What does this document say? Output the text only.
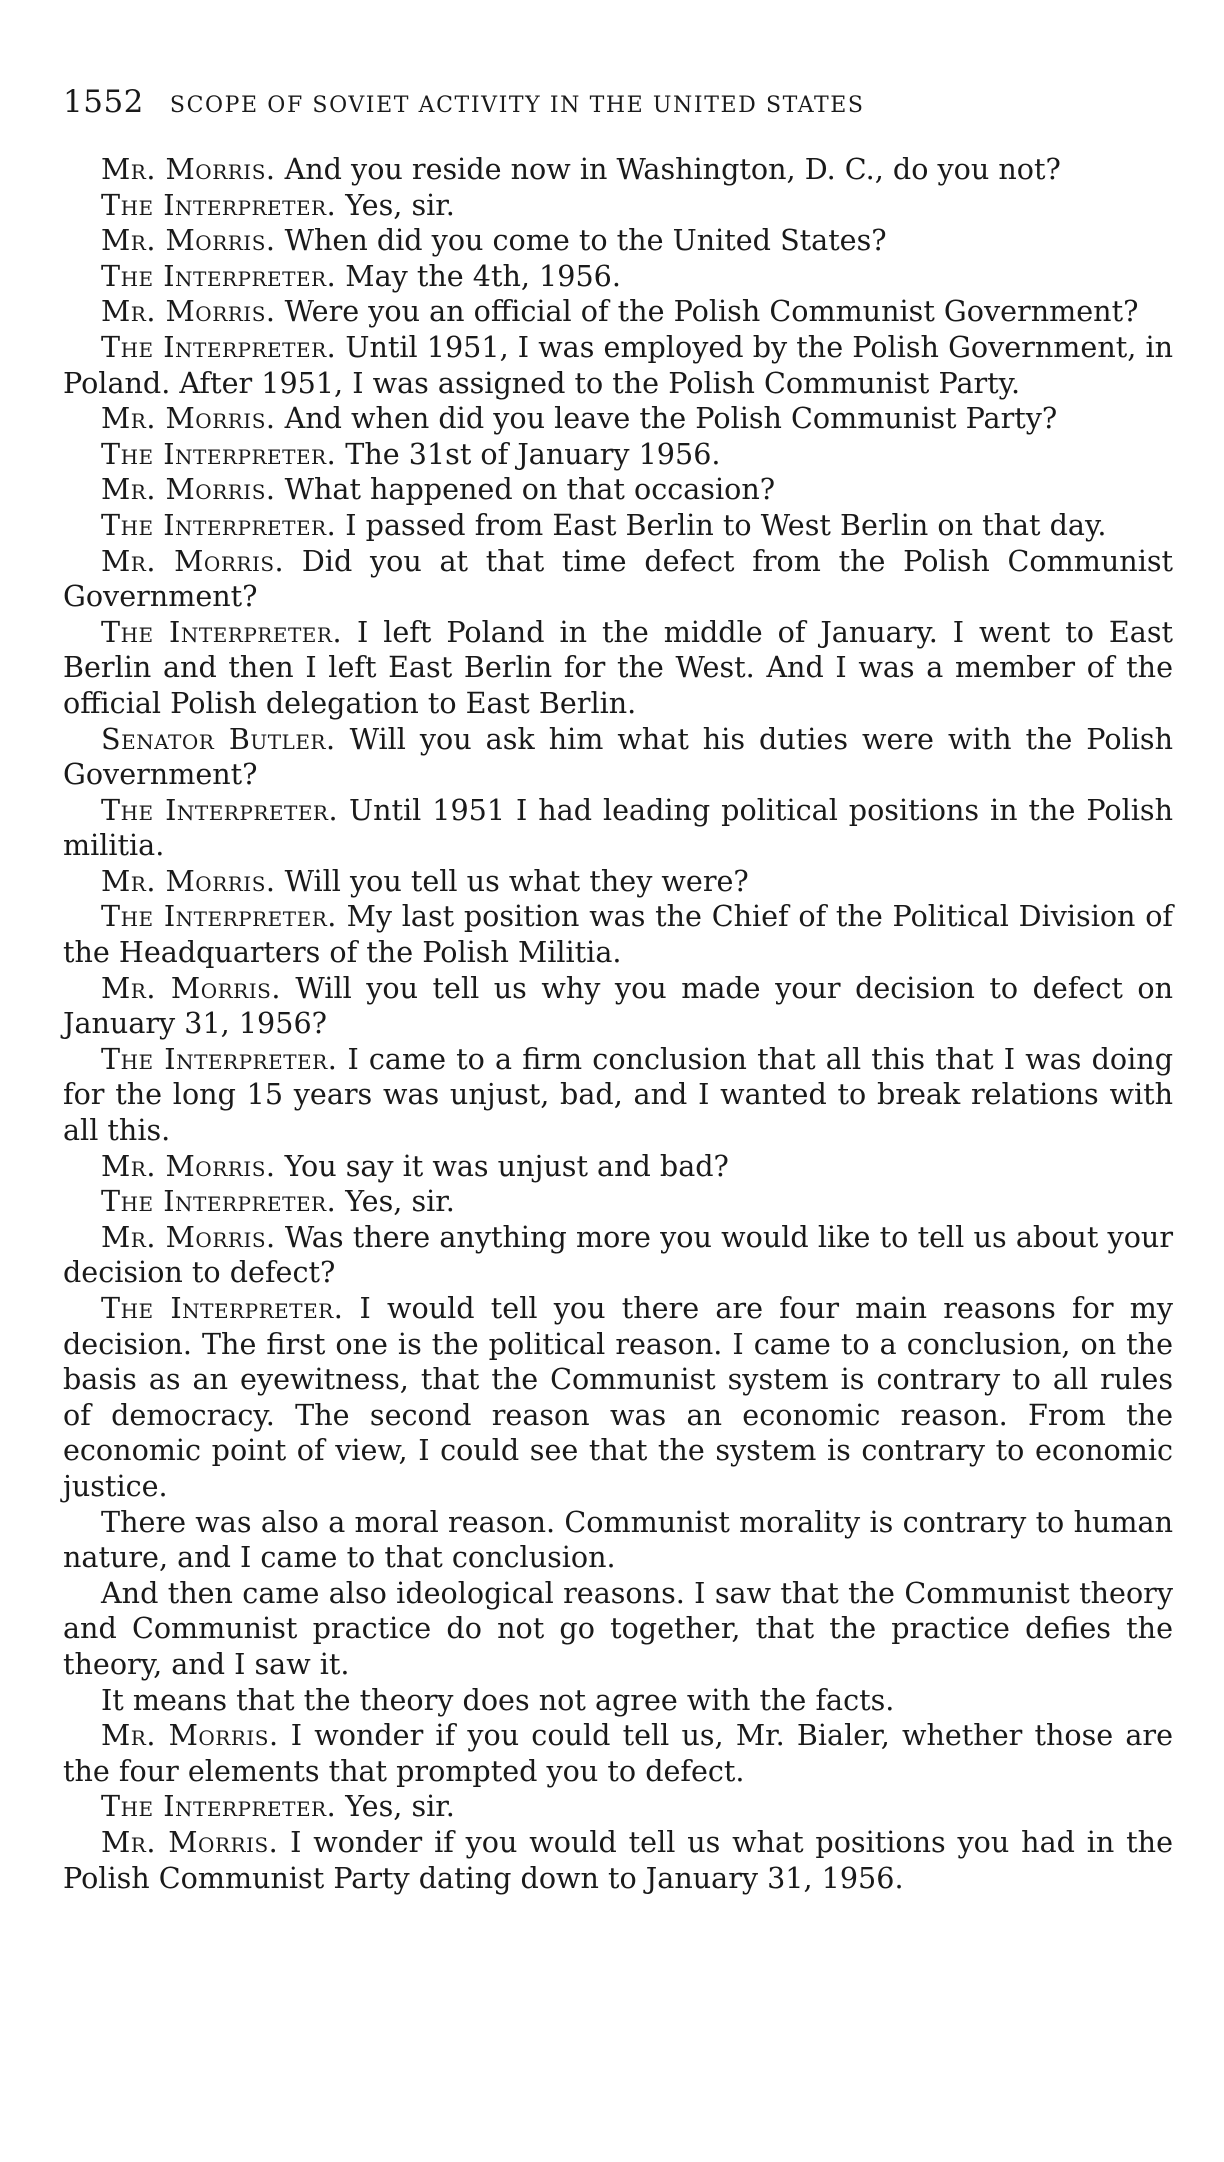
1552 SCOPE OF SOVIET ACTIVITY IN THE UNITED STATES

Mr. Morris. And you reside now in Washington, D. C., do you not?

The Interpreter. Yes, sir.

Mr. Morris. When did you come to the United States?

The Interpreter. May the 4th, 1956.

Mr. Morris. Were you an official of the Polish Communist Government?

The Interpreter. Until 1951, I was employed by the Polish Government, in Poland. After 1951, I was assigned to the Polish Communist Party.

Mr. Morris. And when did you leave the Polish Communist Party?

The Interpreter. The 31st of January 1956.

Mr. Morris. What happened on that occasion?

The Interpreter. I passed from East Berlin to West Berlin on that day.

Mr. Morris. Did you at that time defect from the Polish Communist Government?

The Interpreter. I left Poland in the middle of January. I went to East Berlin and then I left East Berlin for the West. And I was a member of the official Polish delegation to East Berlin.

Senator Butler. Will you ask him what his duties were with the Polish Government?

The Interpreter. Until 1951 I had leading political positions in the Polish militia.

Mr. Morris. Will you tell us what they were?

The Interpreter. My last position was the Chief of the Political Division of the Headquarters of the Polish Militia.

Mr. Morris. Will you tell us why you made your decision to defect on January 31, 1956?

The Interpreter. I came to a firm conclusion that all this that I was doing for the long 15 years was unjust, bad, and I wanted to break relations with all this.

Mr. Morris. You say it was unjust and bad?

The Interpreter. Yes, sir.

Mr. Morris. Was there anything more you would like to tell us about your decision to defect?

The Interpreter. I would tell you there are four main reasons for my decision. The first one is the political reason. I came to a conclusion, on the basis as an eyewitness, that the Communist system is contrary to all rules of democracy. The second reason was an economic reason. From the economic point of view, I could see that the system is contrary to economic justice.

There was also a moral reason. Communist morality is contrary to human nature, and I came to that conclusion.

And then came also ideological reasons. I saw that the Communist theory and Communist practice do not go together, that the practice defies the theory, and I saw it.

It means that the theory does not agree with the facts.

Mr. Morris. I wonder if you could tell us, Mr. Bialer, whether those are the four elements that prompted you to defect.

The Interpreter. Yes, sir.

Mr. Morris. I wonder if you would tell us what positions you had in the Polish Communist Party dating down to January 31, 1956.
